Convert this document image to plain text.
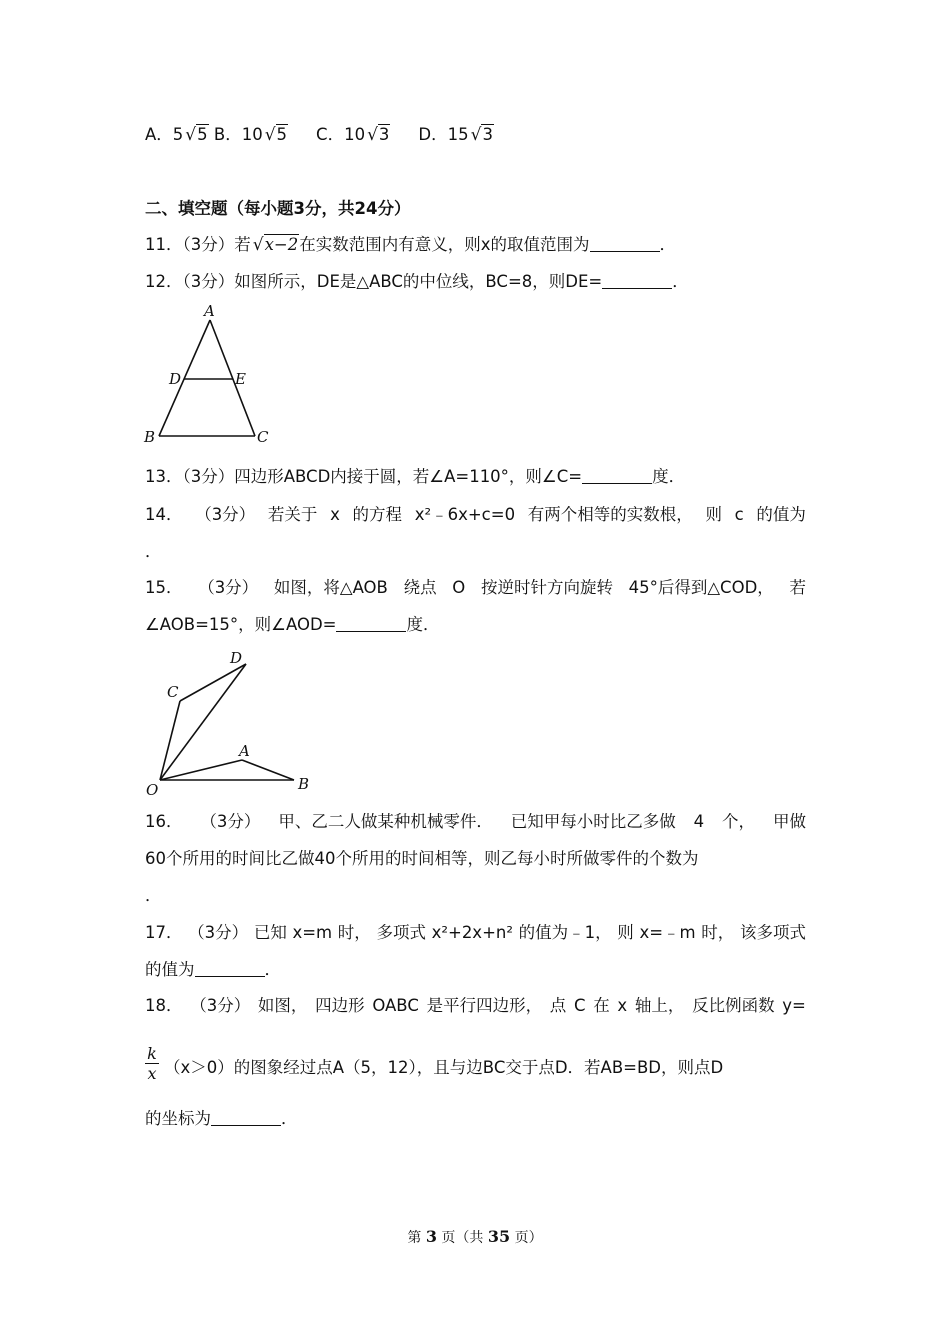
A．5 √5 B．10 √5 C．10 √3 D．15 √3
二、填空题（每小题3分，共24分）
11．（3分）若 √x−2在实数范围内有意义，则x的取值范围为	．
12．（3分）如图所示，DE是△ABC的中位线，BC=8，则DE=	．
A
D	E
B	C
13．（3分）四边形ABCD内接于圆，若∠A=110°，则∠C=	度．
14． （3分） 若关于 x 的方程 x²﹣6x+c=0 有两个相等的实数根， 则 c 的值为
．
15． （3分） 如图，将△AOB 绕点 O 按逆时针方向旋转 45°后得到△COD， 若
∠AOB=15°，则∠AOD=	度．
D
C
A
B
O
16． （3分） 甲、乙二人做某种机械零件． 已知甲每小时比乙多做 4 个， 甲做
60个所用的时间比乙做40个所用的时间相等，则乙每小时所做零件的个数为
．
17． （3分） 已知 x=m 时， 多项式 x²+2x+n² 的值为﹣1， 则 x=﹣m 时， 该多项式
的值为	．
18． （3分） 如图， 四边形 OABC 是平行四边形， 点 C 在 x 轴上， 反比例函数 y=
k
x （x＞0）的图象经过点A（5，12），且与边BC交于点D．若AB=BD，则点D
的坐标为	．
第 3 页（共 35 页）
